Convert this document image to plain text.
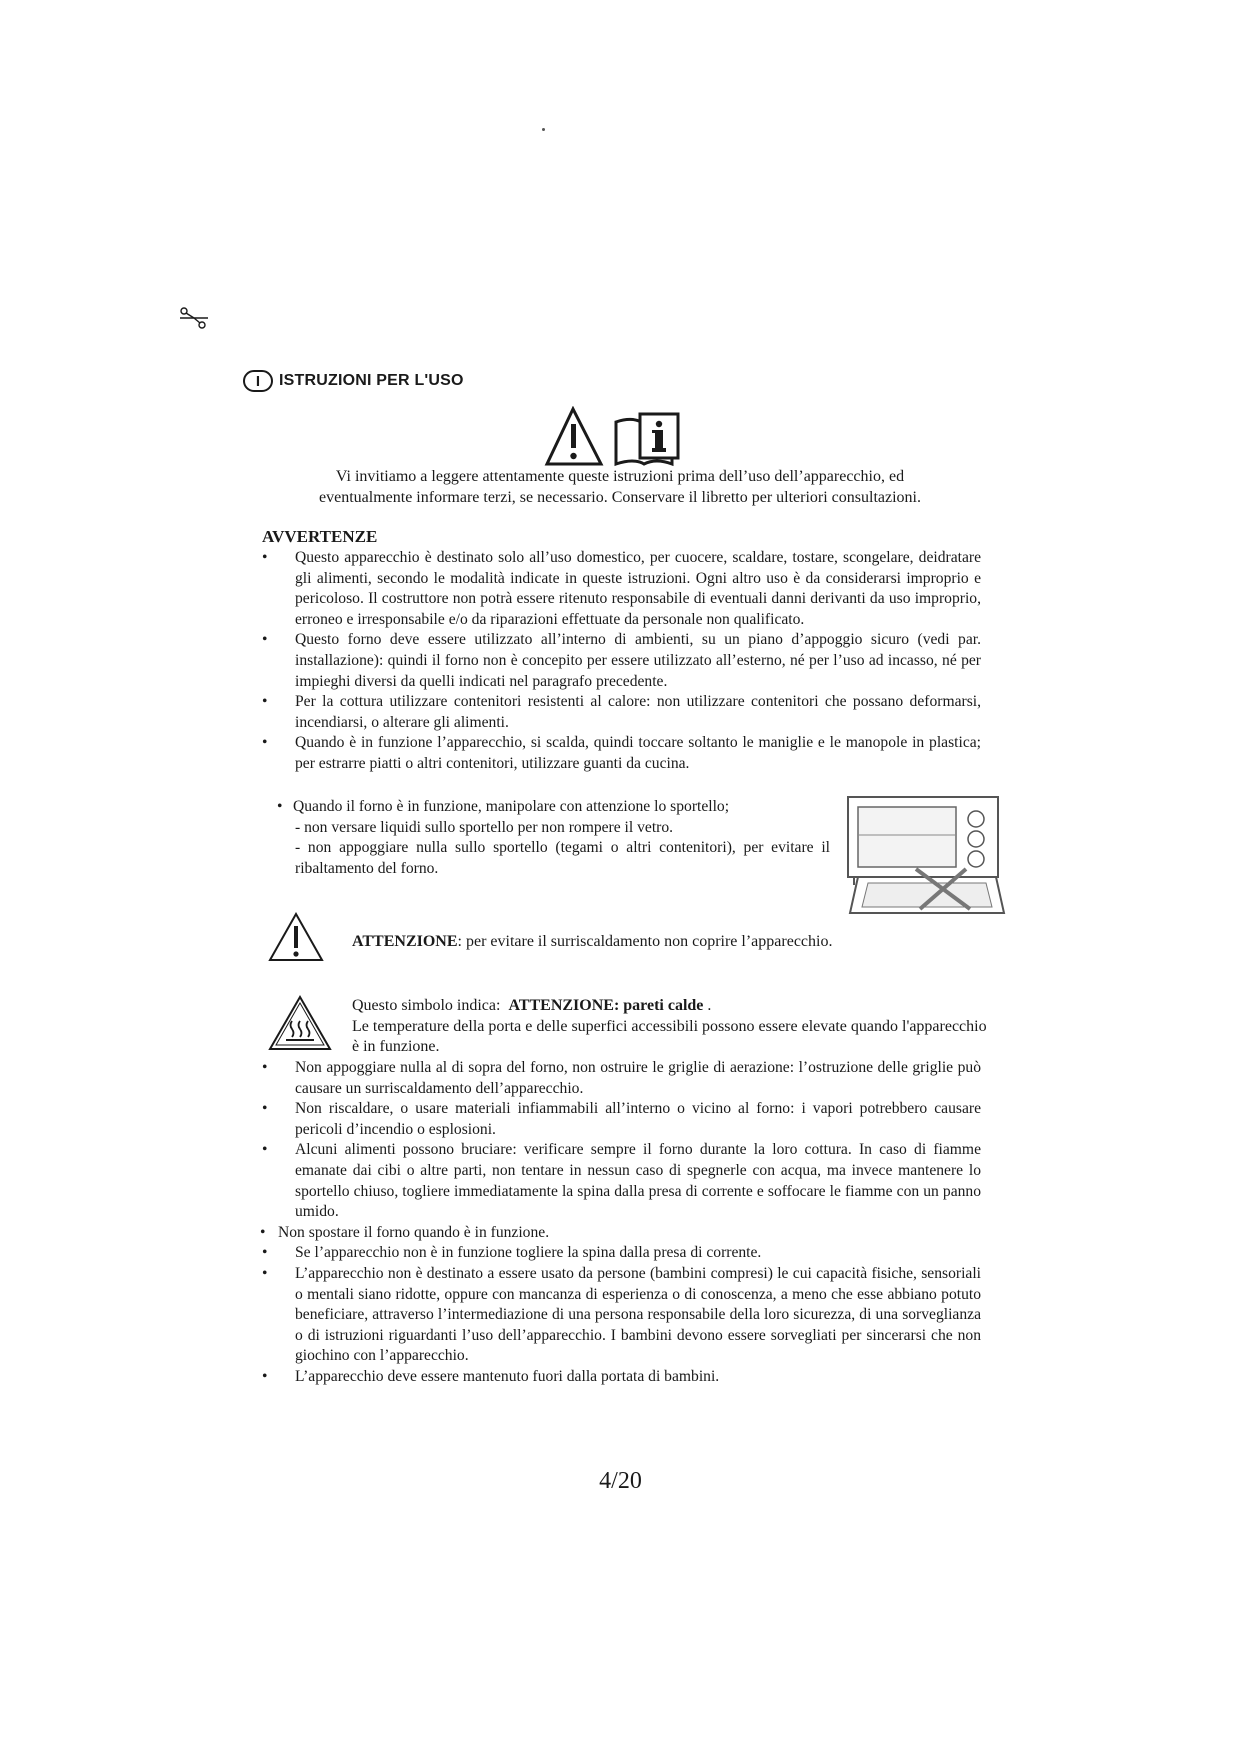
I	ISTRUZIONI PER L'USO
Vi invitiamo a leggere attentamente queste istruzioni prima dell’uso dell’apparecchio, ed
eventualmente informare terzi, se necessario. Conservare il libretto per ulteriori consultazioni.
AVVERTENZE
• Questo apparecchio è destinato solo all’uso domestico, per cuocere, scaldare, tostare, scongelare, deidratare gli alimenti, secondo le modalità indicate in queste istruzioni. Ogni altro uso è da considerarsi improprio e pericoloso. Il costruttore non potrà essere ritenuto responsabile di eventuali danni derivanti da uso improprio, erroneo e irresponsabile e/o da riparazioni effettuate da personale non qualificato.
• Questo forno deve essere utilizzato all’interno di ambienti, su un piano d’appoggio sicuro (vedi par. installazione): quindi il forno non è concepito per essere utilizzato all’esterno, né per l’uso ad incasso, né per impieghi diversi da quelli indicati nel paragrafo precedente.
• Per la cottura utilizzare contenitori resistenti al calore: non utilizzare contenitori che possano deformarsi, incendiarsi, o alterare gli alimenti.
• Quando è in funzione l’apparecchio, si scalda, quindi toccare soltanto le maniglie e le manopole in plastica; per estrarre piatti o altri contenitori, utilizzare guanti da cucina.
• Quando il forno è in funzione, manipolare con attenzione lo sportello;
- non versare liquidi sullo sportello per non rompere il vetro.
- non appoggiare nulla sullo sportello (tegami o altri contenitori), per evitare il ribaltamento del forno.
ATTENZIONE: per evitare il surriscaldamento non coprire l’apparecchio.
Questo simbolo indica: ATTENZIONE: pareti calde .
Le temperature della porta e delle superfici accessibili possono essere elevate quando l'apparecchio è in funzione.
• Non appoggiare nulla al di sopra del forno, non ostruire le griglie di aerazione: l’ostruzione delle griglie può causare un surriscaldamento dell’apparecchio.
• Non riscaldare, o usare materiali infiammabili all’interno o vicino al forno: i vapori potrebbero causare pericoli d’incendio o esplosioni.
• Alcuni alimenti possono bruciare: verificare sempre il forno durante la loro cottura. In caso di fiamme emanate dai cibi o altre parti, non tentare in nessun caso di spegnerle con acqua, ma invece mantenere lo sportello chiuso, togliere immediatamente la spina dalla presa di corrente e soffocare le fiamme con un panno umido.
• Non spostare il forno quando è in funzione.
• Se l’apparecchio non è in funzione togliere la spina dalla presa di corrente.
• L’apparecchio non è destinato a essere usato da persone (bambini compresi) le cui capacità fisiche, sensoriali o mentali siano ridotte, oppure con mancanza di esperienza o di conoscenza, a meno che esse abbiano potuto beneficiare, attraverso l’intermediazione di una persona responsabile della loro sicurezza, di una sorveglianza o di istruzioni riguardanti l’uso dell’apparecchio. I bambini devono essere sorvegliati per sincerarsi che non giochino con l’apparecchio.
• L’apparecchio deve essere mantenuto fuori dalla portata di bambini.
4/20
